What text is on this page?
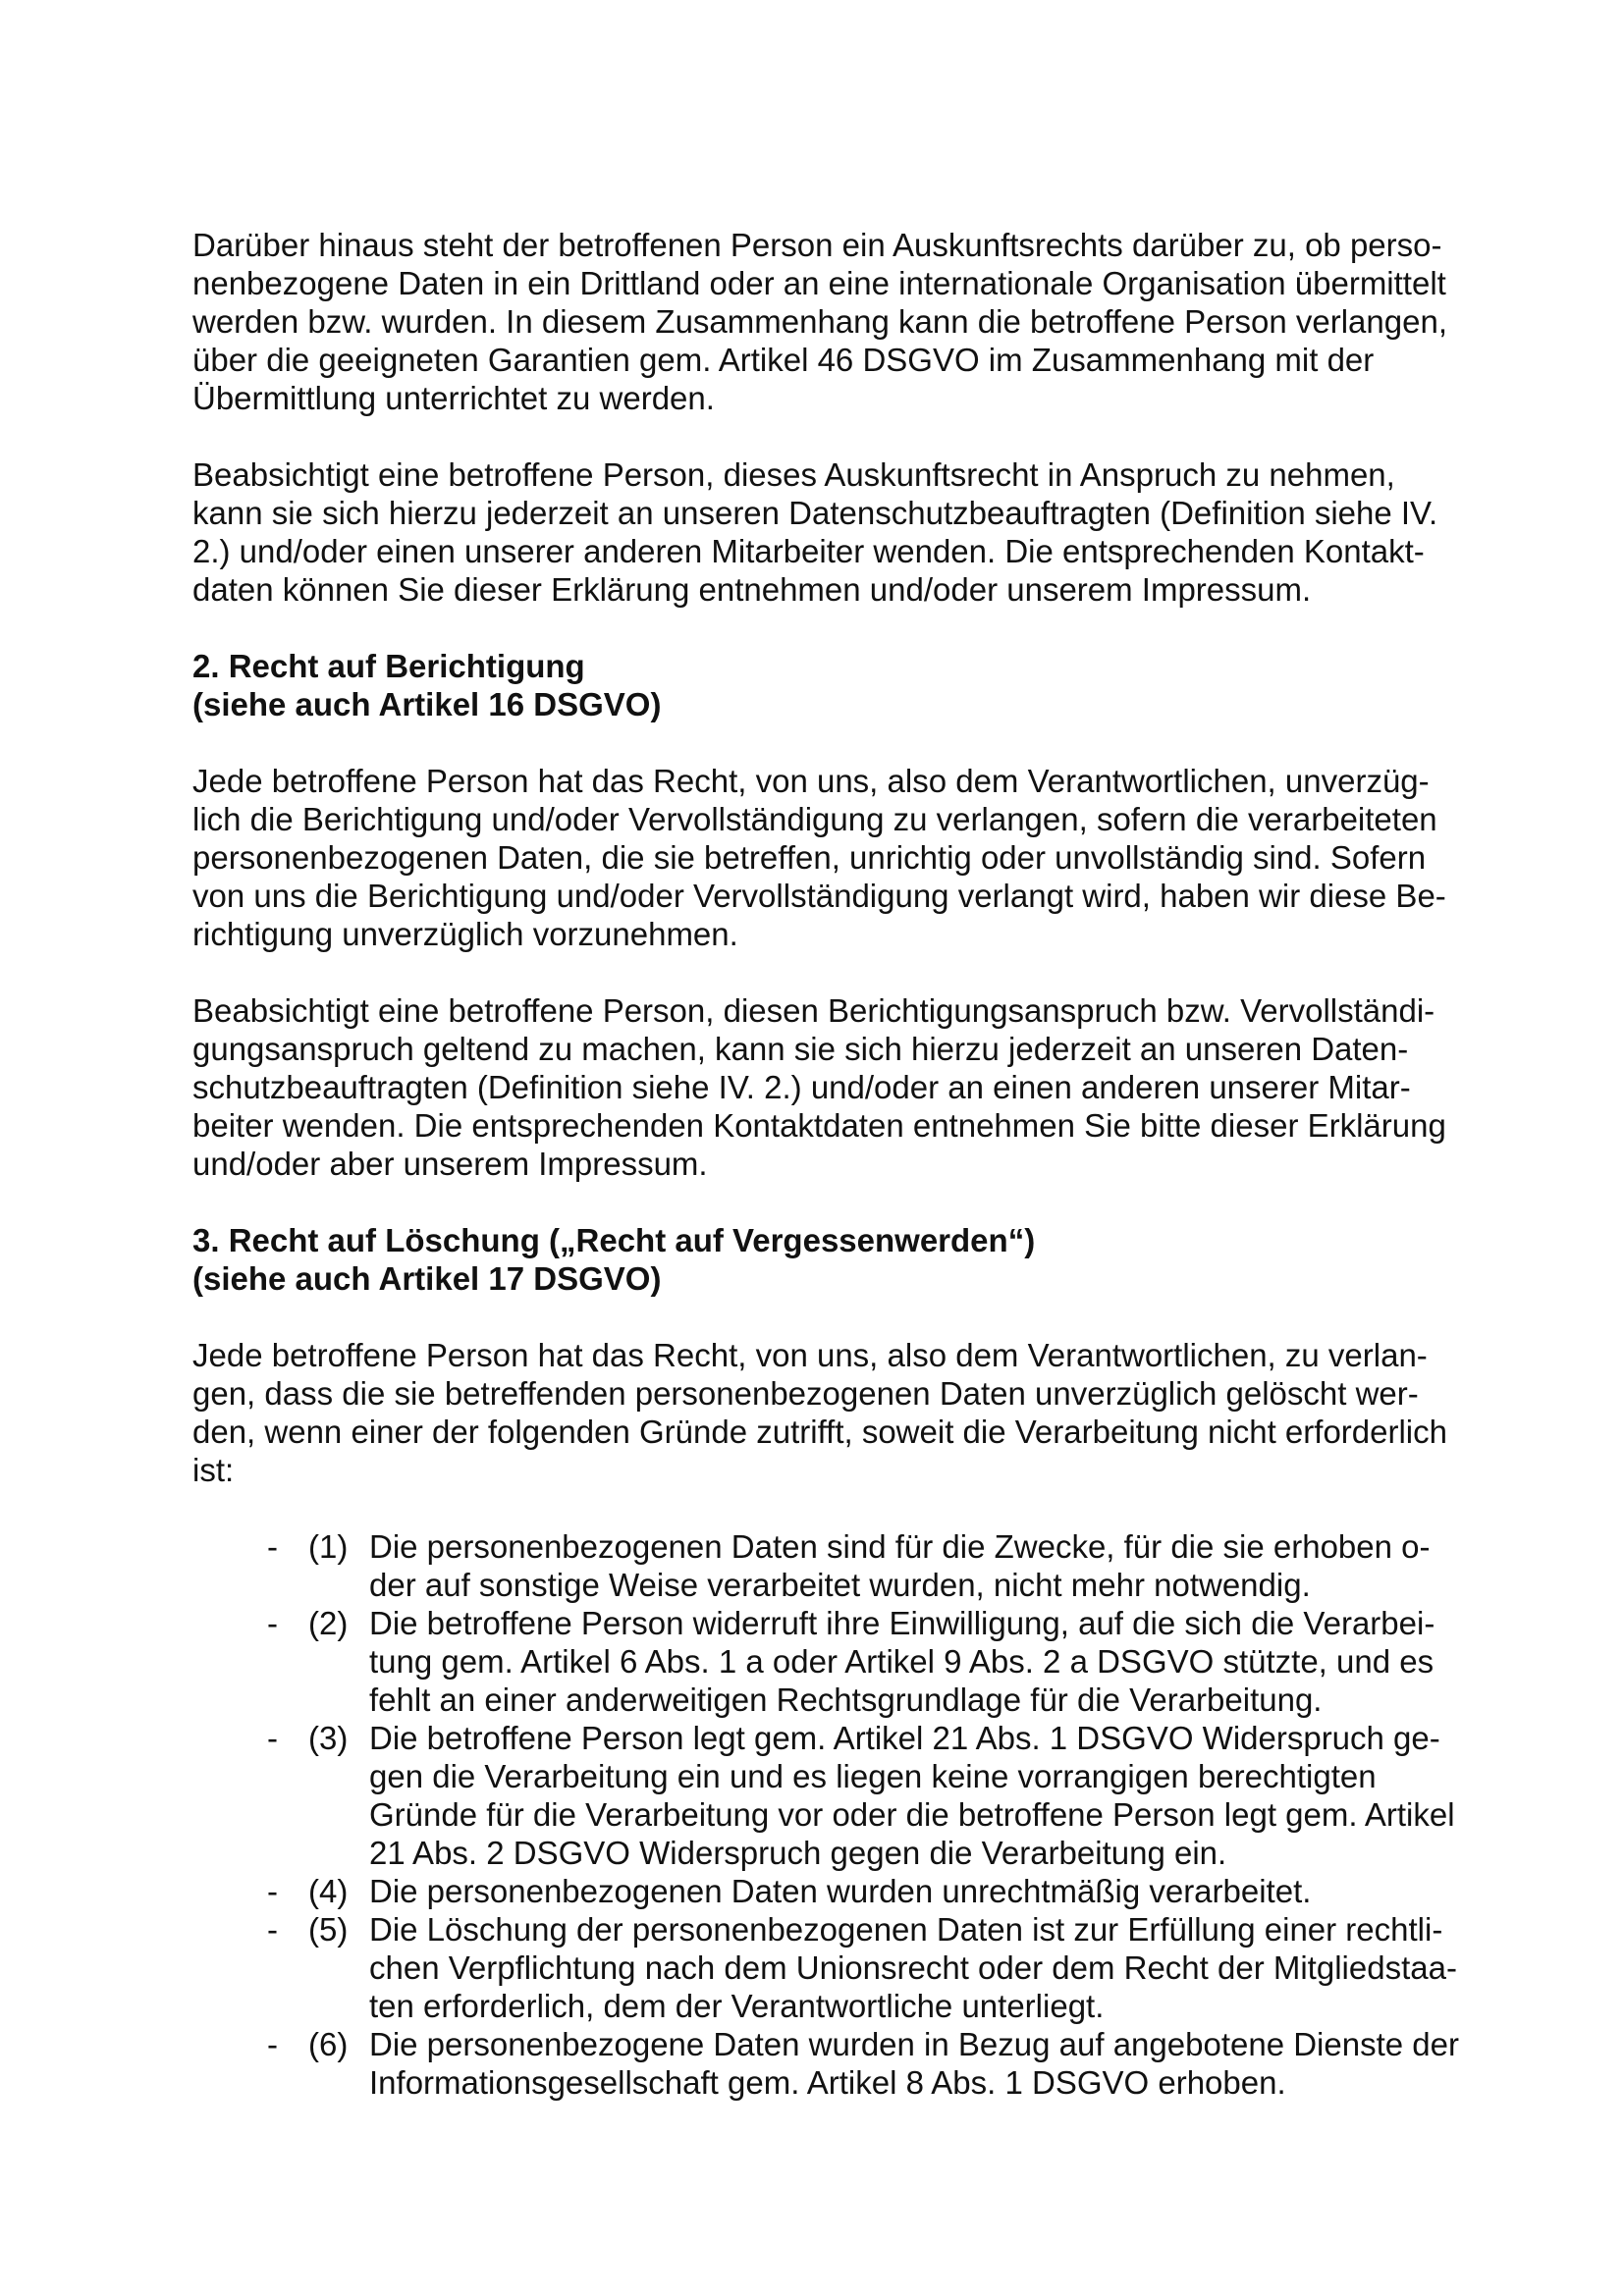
Darüber hinaus steht der betroffenen Person ein Auskunftsrechts darüber zu, ob perso-
nenbezogene Daten in ein Drittland oder an eine internationale Organisation übermittelt
werden bzw. wurden. In diesem Zusammenhang kann die betroffene Person verlangen,
über die geeigneten Garantien gem. Artikel 46 DSGVO im Zusammenhang mit der
Übermittlung unterrichtet zu werden.
Beabsichtigt eine betroffene Person, dieses Auskunftsrecht in Anspruch zu nehmen,
kann sie sich hierzu jederzeit an unseren Datenschutzbeauftragten (Definition siehe IV.
2.) und/oder einen unserer anderen Mitarbeiter wenden. Die entsprechenden Kontakt-
daten können Sie dieser Erklärung entnehmen und/oder unserem Impressum.
2. Recht auf Berichtigung
(siehe auch Artikel 16 DSGVO)
Jede betroffene Person hat das Recht, von uns, also dem Verantwortlichen, unverzüg-
lich die Berichtigung und/oder Vervollständigung zu verlangen, sofern die verarbeiteten
personenbezogenen Daten, die sie betreffen, unrichtig oder unvollständig sind. Sofern
von uns die Berichtigung und/oder Vervollständigung verlangt wird, haben wir diese Be-
richtigung unverzüglich vorzunehmen.
Beabsichtigt eine betroffene Person, diesen Berichtigungsanspruch bzw. Vervollständi-
gungsanspruch geltend zu machen, kann sie sich hierzu jederzeit an unseren Daten-
schutzbeauftragten (Definition siehe IV. 2.) und/oder an einen anderen unserer Mitar-
beiter wenden. Die entsprechenden Kontaktdaten entnehmen Sie bitte dieser Erklärung
und/oder aber unserem Impressum.
3. Recht auf Löschung („Recht auf Vergessenwerden“)
(siehe auch Artikel 17 DSGVO)
Jede betroffene Person hat das Recht, von uns, also dem Verantwortlichen, zu verlan-
gen, dass die sie betreffenden personenbezogenen Daten unverzüglich gelöscht wer-
den, wenn einer der folgenden Gründe zutrifft, soweit die Verarbeitung nicht erforderlich
ist:
- (1) Die personenbezogenen Daten sind für die Zwecke, für die sie erhoben o-
der auf sonstige Weise verarbeitet wurden, nicht mehr notwendig.
- (2) Die betroffene Person widerruft ihre Einwilligung, auf die sich die Verarbei-
tung gem. Artikel 6 Abs. 1 a oder Artikel 9 Abs. 2 a DSGVO stützte, und es
fehlt an einer anderweitigen Rechtsgrundlage für die Verarbeitung.
- (3) Die betroffene Person legt gem. Artikel 21 Abs. 1 DSGVO Widerspruch ge-
gen die Verarbeitung ein und es liegen keine vorrangigen berechtigten
Gründe für die Verarbeitung vor oder die betroffene Person legt gem. Artikel
21 Abs. 2 DSGVO Widerspruch gegen die Verarbeitung ein.
- (4) Die personenbezogenen Daten wurden unrechtmäßig verarbeitet.
- (5) Die Löschung der personenbezogenen Daten ist zur Erfüllung einer rechtli-
chen Verpflichtung nach dem Unionsrecht oder dem Recht der Mitgliedstaa-
ten erforderlich, dem der Verantwortliche unterliegt.
- (6) Die personenbezogene Daten wurden in Bezug auf angebotene Dienste der
Informationsgesellschaft gem. Artikel 8 Abs. 1 DSGVO erhoben.
